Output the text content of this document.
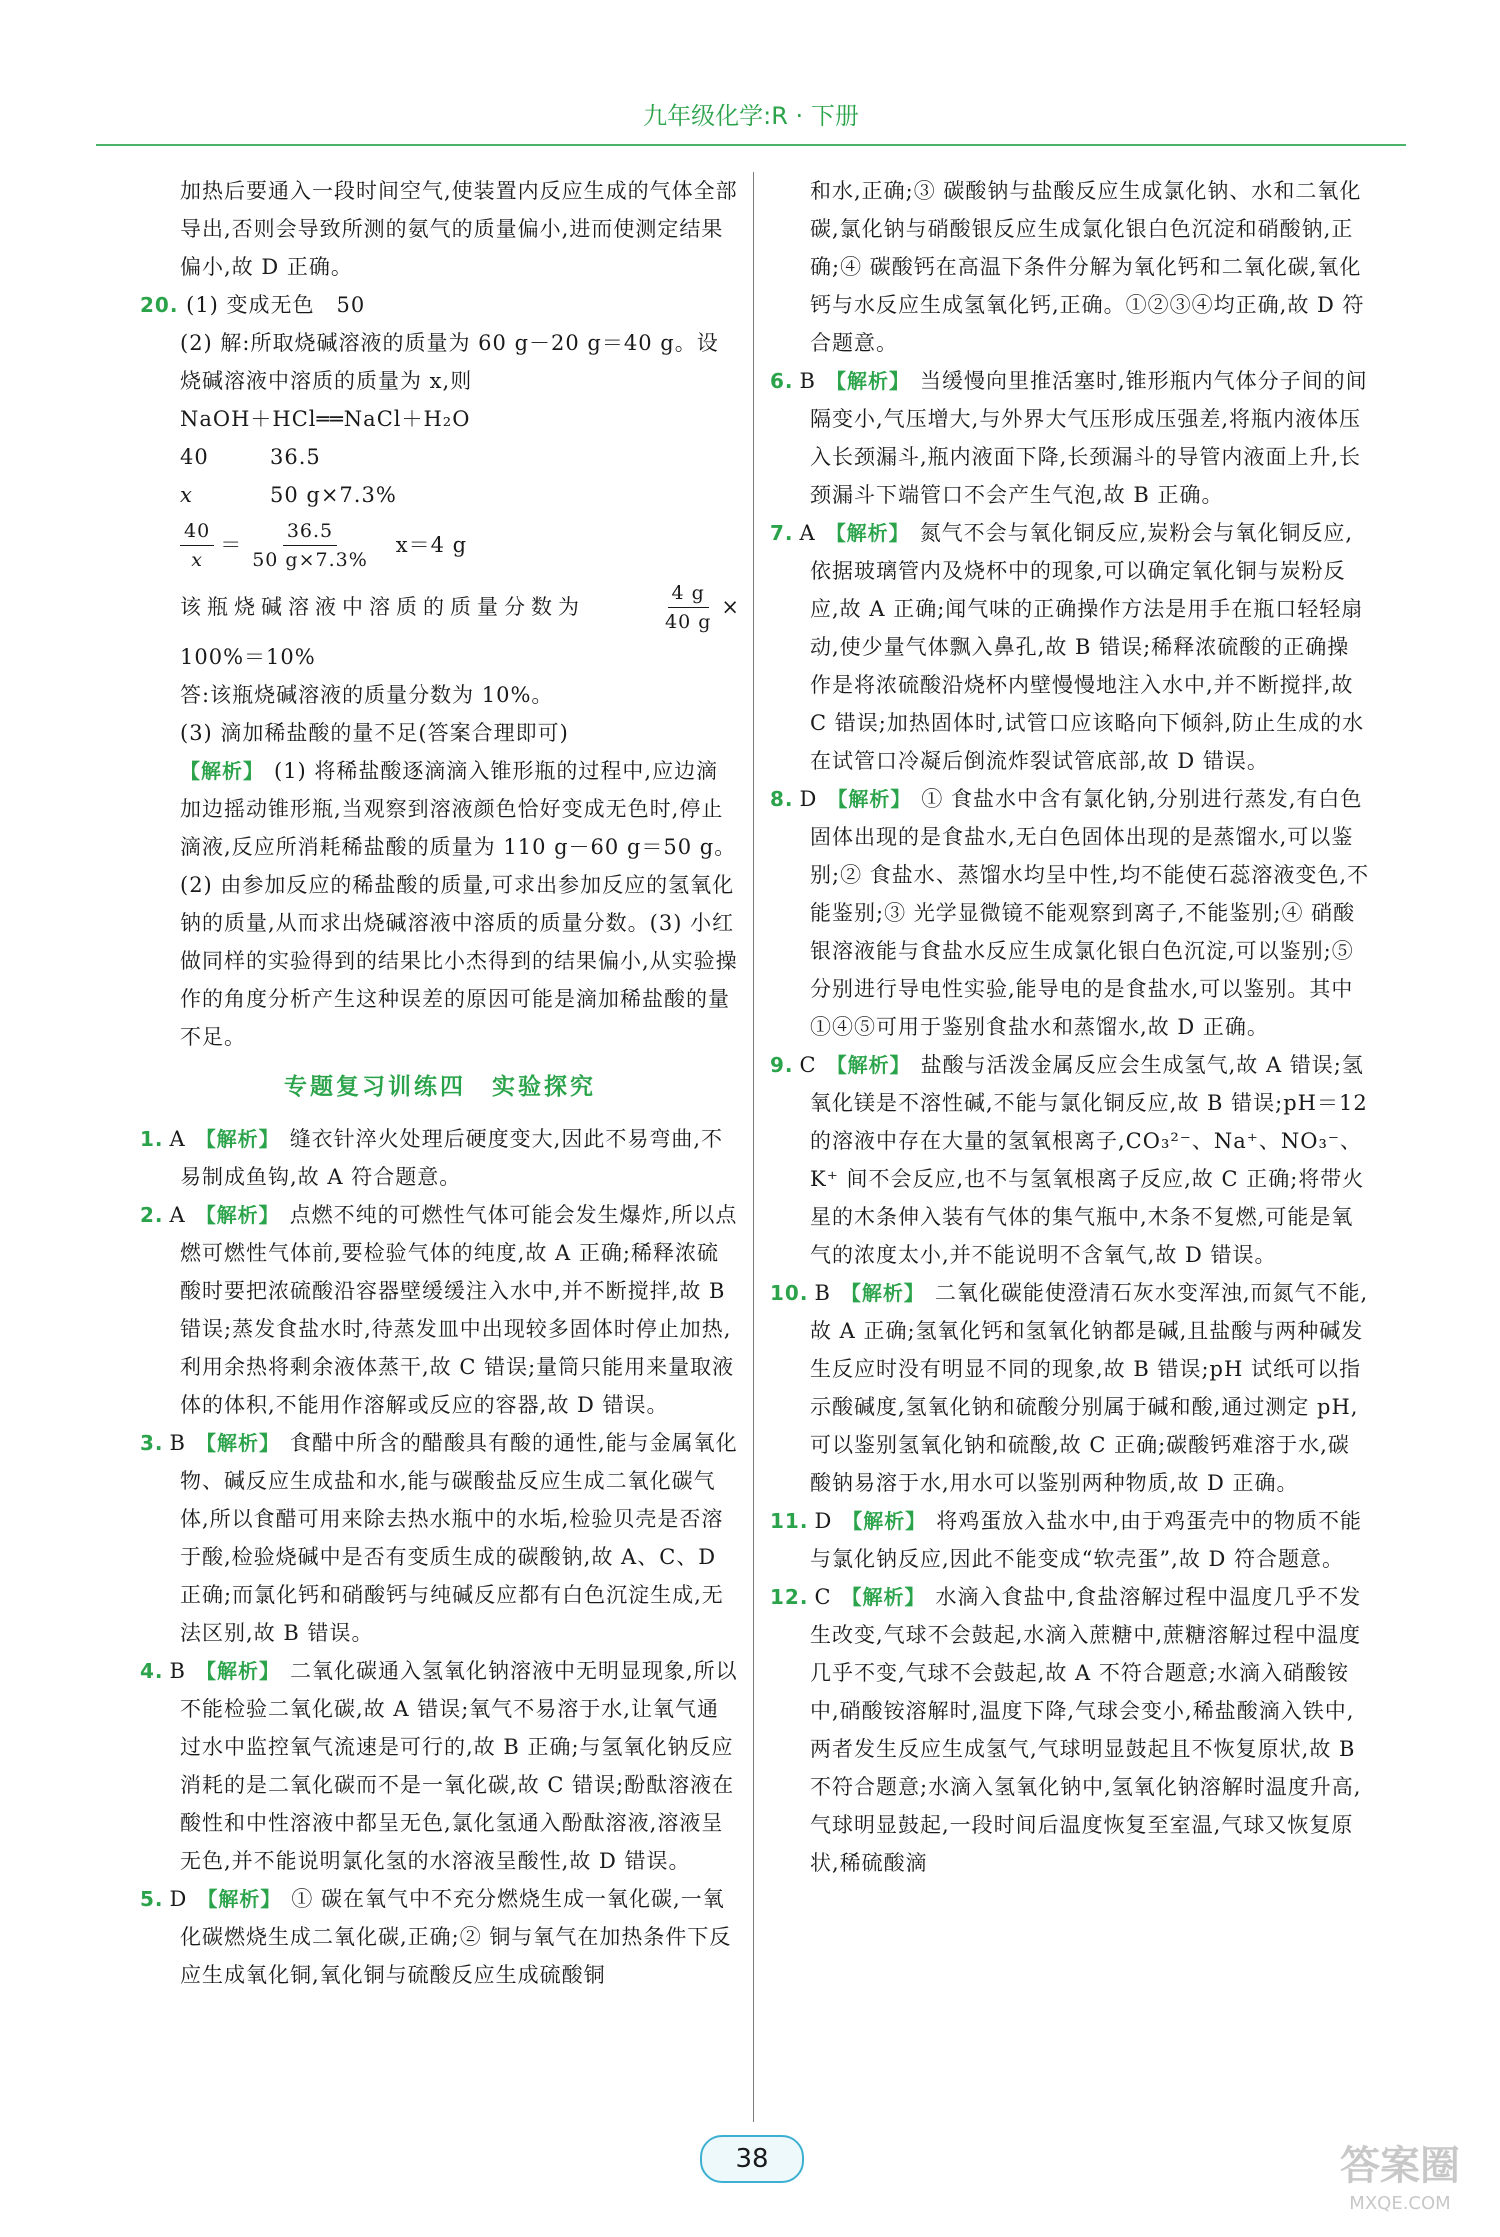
九年级化学:R · 下册

加热后要通入一段时间空气,使装置内反应生成的气体全部导出,否则会导致所测的氨气的质量偏小,进而使测定结果偏小,故 D 正确。

20. (1) 变成无色　50

(2) 解:所取烧碱溶液的质量为 60 g－20 g＝40 g。设烧碱溶液中溶质的质量为 x,则

NaOH＋HCl══NaCl＋H₂O

40	36.5
x	50 g×7.3%
$\frac{40}{x} = \frac{36.5}{50 g\times 7.3\%} x=4$ g
该瓶烧碱溶液中溶质的质量分数为	$\frac{4 g}{40 g}$ ×

100%＝10%

答:该瓶烧碱溶液的质量分数为 10%。

(3) 滴加稀盐酸的量不足(答案合理即可)

【解析】 (1) 将稀盐酸逐滴滴入锥形瓶的过程中,应边滴加边摇动锥形瓶,当观察到溶液颜色恰好变成无色时,停止滴液,反应所消耗稀盐酸的质量为 110 g－60 g＝50 g。(2) 由参加反应的稀盐酸的质量,可求出参加反应的氢氧化钠的质量,从而求出烧碱溶液中溶质的质量分数。(3) 小红做同样的实验得到的结果比小杰得到的结果偏小,从实验操作的角度分析产生这种误差的原因可能是滴加稀盐酸的量不足。

专题复习训练四　实验探究

1. A 【解析】 缝衣针淬火处理后硬度变大,因此不易弯曲,不易制成鱼钩,故 A 符合题意。

2. A 【解析】 点燃不纯的可燃性气体可能会发生爆炸,所以点燃可燃性气体前,要检验气体的纯度,故 A 正确;稀释浓硫酸时要把浓硫酸沿容器壁缓缓注入水中,并不断搅拌,故 B 错误;蒸发食盐水时,待蒸发皿中出现较多固体时停止加热,利用余热将剩余液体蒸干,故 C 错误;量筒只能用来量取液体的体积,不能用作溶解或反应的容器,故 D 错误。

3. B 【解析】 食醋中所含的醋酸具有酸的通性,能与金属氧化物、碱反应生成盐和水,能与碳酸盐反应生成二氧化碳气体,所以食醋可用来除去热水瓶中的水垢,检验贝壳是否溶于酸,检验烧碱中是否有变质生成的碳酸钠,故 A、C、D 正确;而氯化钙和硝酸钙与纯碱反应都有白色沉淀生成,无法区别,故 B 错误。

4. B 【解析】 二氧化碳通入氢氧化钠溶液中无明显现象,所以不能检验二氧化碳,故 A 错误;氧气不易溶于水,让氧气通过水中监控氧气流速是可行的,故 B 正确;与氢氧化钠反应消耗的是二氧化碳而不是一氧化碳,故 C 错误;酚酞溶液在酸性和中性溶液中都呈无色,氯化氢通入酚酞溶液,溶液呈无色,并不能说明氯化氢的水溶液呈酸性,故 D 错误。

5. D 【解析】 ① 碳在氧气中不充分燃烧生成一氧化碳,一氧化碳燃烧生成二氧化碳,正确;② 铜与氧气在加热条件下反应生成氧化铜,氧化铜与硫酸反应生成硫酸铜

和水,正确;③ 碳酸钠与盐酸反应生成氯化钠、水和二氧化碳,氯化钠与硝酸银反应生成氯化银白色沉淀和硝酸钠,正确;④ 碳酸钙在高温下条件分解为氧化钙和二氧化碳,氧化钙与水反应生成氢氧化钙,正确。①②③④均正确,故 D 符合题意。

6. B 【解析】 当缓慢向里推活塞时,锥形瓶内气体分子间的间隔变小,气压增大,与外界大气压形成压强差,将瓶内液体压入长颈漏斗,瓶内液面下降,长颈漏斗的导管内液面上升,长颈漏斗下端管口不会产生气泡,故 B 正确。

7. A 【解析】 氮气不会与氧化铜反应,炭粉会与氧化铜反应,依据玻璃管内及烧杯中的现象,可以确定氧化铜与炭粉反应,故 A 正确;闻气味的正确操作方法是用手在瓶口轻轻扇动,使少量气体飘入鼻孔,故 B 错误;稀释浓硫酸的正确操作是将浓硫酸沿烧杯内壁慢慢地注入水中,并不断搅拌,故 C 错误;加热固体时,试管口应该略向下倾斜,防止生成的水在试管口冷凝后倒流炸裂试管底部,故 D 错误。

8. D 【解析】 ① 食盐水中含有氯化钠,分别进行蒸发,有白色固体出现的是食盐水,无白色固体出现的是蒸馏水,可以鉴别;② 食盐水、蒸馏水均呈中性,均不能使石蕊溶液变色,不能鉴别;③ 光学显微镜不能观察到离子,不能鉴别;④ 硝酸银溶液能与食盐水反应生成氯化银白色沉淀,可以鉴别;⑤ 分别进行导电性实验,能导电的是食盐水,可以鉴别。其中①④⑤可用于鉴别食盐水和蒸馏水,故 D 正确。

9. C 【解析】 盐酸与活泼金属反应会生成氢气,故 A 错误;氢氧化镁是不溶性碱,不能与氯化铜反应,故 B 错误;pH＝12 的溶液中存在大量的氢氧根离子,CO₃²⁻、Na⁺、NO₃⁻、K⁺ 间不会反应,也不与氢氧根离子反应,故 C 正确;将带火星的木条伸入装有气体的集气瓶中,木条不复燃,可能是氧气的浓度太小,并不能说明不含氧气,故 D 错误。

10. B 【解析】 二氧化碳能使澄清石灰水变浑浊,而氮气不能,故 A 正确;氢氧化钙和氢氧化钠都是碱,且盐酸与两种碱发生反应时没有明显不同的现象,故 B 错误;pH 试纸可以指示酸碱度,氢氧化钠和硫酸分别属于碱和酸,通过测定 pH,可以鉴别氢氧化钠和硫酸,故 C 正确;碳酸钙难溶于水,碳酸钠易溶于水,用水可以鉴别两种物质,故 D 正确。

11. D 【解析】 将鸡蛋放入盐水中,由于鸡蛋壳中的物质不能与氯化钠反应,因此不能变成“软壳蛋”,故 D 符合题意。

12. C 【解析】 水滴入食盐中,食盐溶解过程中温度几乎不发生改变,气球不会鼓起,水滴入蔗糖中,蔗糖溶解过程中温度几乎不变,气球不会鼓起,故 A 不符合题意;水滴入硝酸铵中,硝酸铵溶解时,温度下降,气球会变小,稀盐酸滴入铁中,两者发生反应生成氢气,气球明显鼓起且不恢复原状,故 B 不符合题意;水滴入氢氧化钠中,氢氧化钠溶解时温度升高,气球明显鼓起,一段时间后温度恢复至室温,气球又恢复原状,稀硫酸滴

38	答案圈
MXQE.COM
